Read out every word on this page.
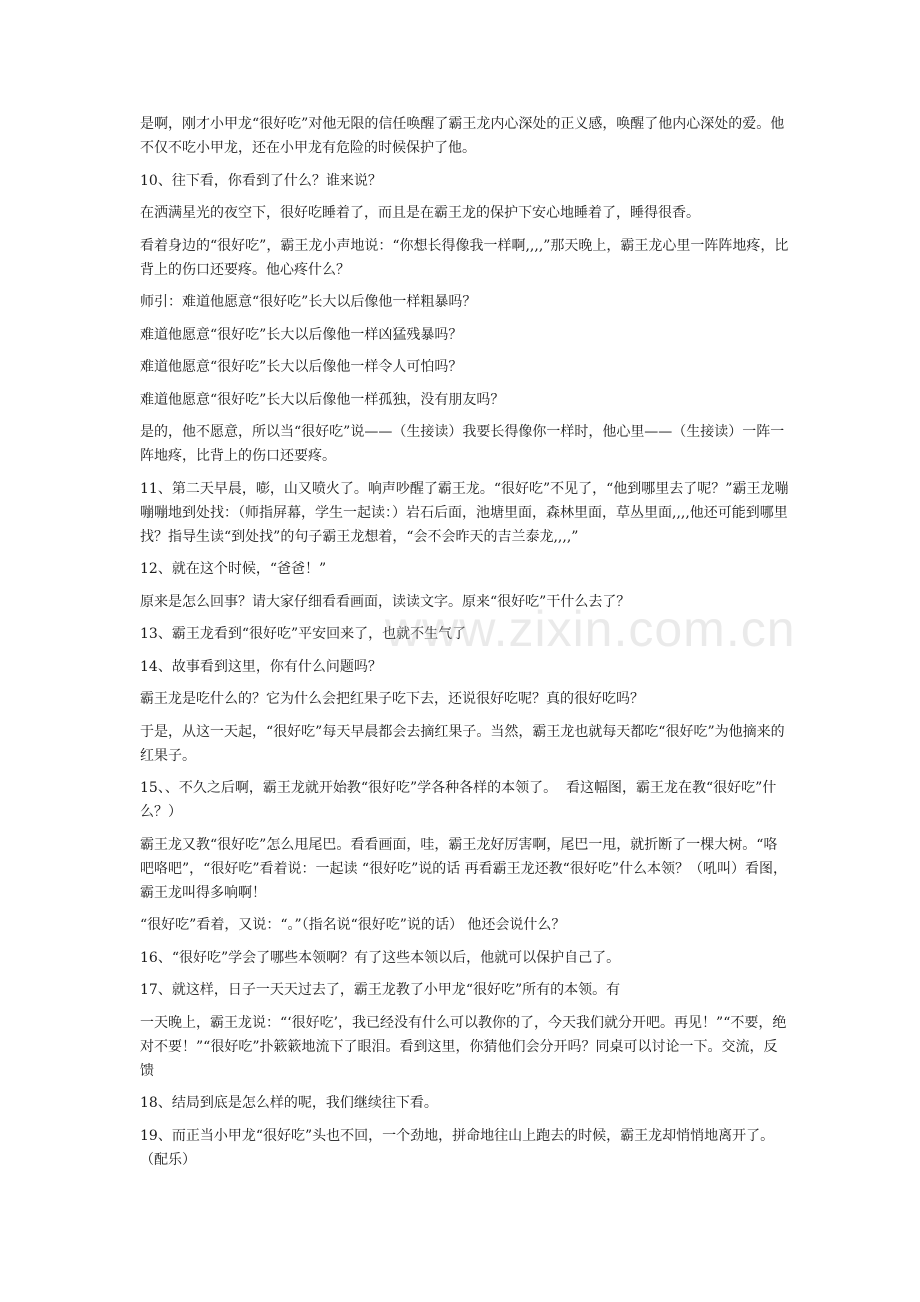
是啊，刚才小甲龙“很好吃”对他无限的信任唤醒了霸王龙内心深处的正义感，唤醒了他内心深处的爱。他不仅不吃小甲龙，还在小甲龙有危险的时候保护了他。

10、往下看，你看到了什么？谁来说？

在洒满星光的夜空下，很好吃睡着了，而且是在霸王龙的保护下安心地睡着了，睡得很香。

看着身边的“很好吃”，霸王龙小声地说：“你想长得像我一样啊,,,,”那天晚上，霸王龙心里一阵阵地疼，比背上的伤口还要疼。他心疼什么？

师引：难道他愿意“很好吃”长大以后像他一样粗暴吗？

难道他愿意“很好吃”长大以后像他一样凶猛残暴吗？

难道他愿意“很好吃”长大以后像他一样令人可怕吗？

难道他愿意“很好吃”长大以后像他一样孤独，没有朋友吗？

是的，他不愿意，所以当“很好吃”说——（生接读）我要长得像你一样时，他心里——（生接读）一阵一阵地疼，比背上的伤口还要疼。

11、第二天早晨，嘭，山又喷火了。响声吵醒了霸王龙。“很好吃”不见了，“他到哪里去了呢？”霸王龙嘣嘣嘣地到处找：（师指屏幕，学生一起读：）岩石后面，池塘里面，森林里面，草丛里面,,,,他还可能到哪里找？指导生读“到处找”的句子霸王龙想着，“会不会昨天的吉兰泰龙,,,,”

12、就在这个时候，“爸爸！”

原来是怎么回事？请大家仔细看看画面，读读文字。原来“很好吃”干什么去了？

13、霸王龙看到“很好吃”平安回来了，也就不生气了

14、故事看到这里，你有什么问题吗？

霸王龙是吃什么的？它为什么会把红果子吃下去，还说很好吃呢？真的很好吃吗？

于是，从这一天起，“很好吃”每天早晨都会去摘红果子。当然，霸王龙也就每天都吃“很好吃”为他摘来的红果子。

15、、不久之后啊，霸王龙就开始教“很好吃”学各种各样的本领了。  看这幅图，霸王龙在教“很好吃”什么？）

霸王龙又教“很好吃”怎么甩尾巴。看看画面，哇，霸王龙好厉害啊，尾巴一甩，就折断了一棵大树。“咯吧咯吧”，“很好吃”看着说：一起读 “很好吃”说的话 再看霸王龙还教“很好吃”什么本领？（吼叫）看图，霸王龙叫得多响啊！

“很好吃”看着，又说：“。”（指名说“很好吃”说的话） 他还会说什么？

16、“很好吃”学会了哪些本领啊？有了这些本领以后，他就可以保护自己了。

17、就这样，日子一天天过去了，霸王龙教了小甲龙“很好吃”所有的本领。有

一天晚上，霸王龙说：“‘很好吃’，我已经没有什么可以教你的了，今天我们就分开吧。再见！”“不要，绝对不要！”“很好吃”扑簌簌地流下了眼泪。看到这里，你猜他们会分开吗？同桌可以讨论一下。交流，反馈

18、结局到底是怎么样的呢，我们继续往下看。

19、而正当小甲龙“很好吃”头也不回，一个劲地，拼命地往山上跑去的时候，霸王龙却悄悄地离开了。（配乐）

www.zixin.com.cn
